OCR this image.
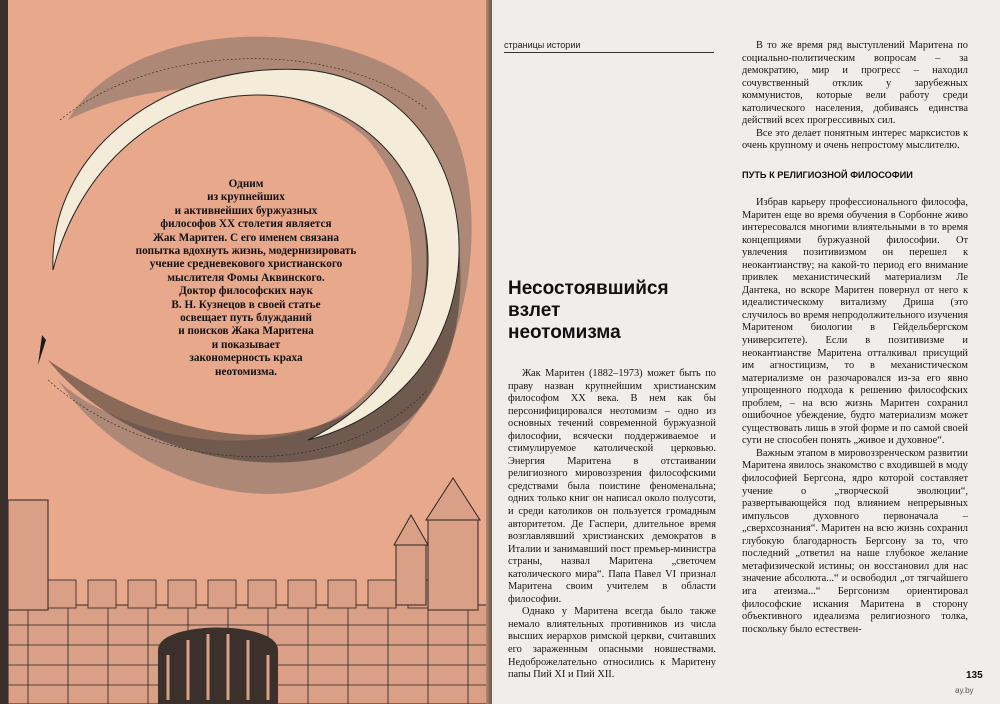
Одним
из крупнейших
и активнейших буржуазных
философов XX столетия является
Жак Маритен. С его именем связана
попытка вдохнуть жизнь, модернизировать
учение средневекового христианского
мыслителя Фомы Аквинского.
Доктор философских наук
В. Н. Кузнецов в своей статье
освещает путь блужданий
и поисков Жака Маритена
и показывает
закономерность краха
неотомизма.
страницы истории
Несостоявшийся
взлет
неотомизма

Жак Маритен (1882–1973) может быть по праву назван крупнейшим христианским философом XX века. В нем как бы персонифицировался неотомизм – одно из основных течений современной буржуазной философии, всячески поддерживаемое и стимулируемое католической церковью. Энергия Маритена в отстаивании религиозного мировоззрения философскими средствами была поистине феноменальна; одних только книг он написал около полусоти, и среди католиков он пользуется громадным авторитетом. Де Гаспери, длительное время возглавлявший христианских демократов в Италии и занимавший пост премьер-министра страны, назвал Маритена „светочем католического мира“. Папа Павел VI признал Маритена своим учителем в области философии.

Однако у Маритена всегда было также немало влиятельных противников из числа высших иерархов римской церкви, считавших его зараженным опасными новшествами. Недоброжелательно относились к Маритену папы Пий XI и Пий XII.

В то же время ряд выступлений Маритена по социально-политическим вопросам – за демократию, мир и прогресс – находил сочувственный отклик у зарубежных коммунистов, которые вели работу среди католического населения, добиваясь единства действий всех прогрессивных сил.

Все это делает понятным интерес марксистов к очень крупному и очень непростому мыслителю.

ПУТЬ К РЕЛИГИОЗНОЙ ФИЛОСОФИИ

Избрав карьеру профессионального философа, Маритен еще во время обучения в Сорбонне живо интересовался многими влиятельными в то время концепциями буржуазной философии. От увлечения позитивизмом он перешел к неокантианству; на какой-то период его внимание привлек механистический материализм Ле Дантека, но вскоре Маритен повернул от него к идеалистическому витализму Дриша (это случилось во время непродолжительного изучения Маритеном биологии в Гейдельбергском университете). Если в позитивизме и неокантианстве Маритена отталкивал присущий им агностицизм, то в механистическом материализме он разочаровался из-за его явно упрощенного подхода к решению философских проблем, – на всю жизнь Маритен сохранил ошибочное убеждение, будто материализм может существовать лишь в этой форме и по самой своей сути не способен понять „живое и духовное“.

Важным этапом в мировоззренческом развитии Маритена явилось знакомство с входившей в моду философией Бергсона, ядро которой составляет учение о „творческой эволюции“, развертывающейся под влиянием непрерывных импульсов духовного первоначала – „сверхсознания“. Маритен на всю жизнь сохранил глубокую благодарность Бергсону за то, что последний „ответил на наше глубокое желание метафизической истины; он восстановил для нас значение абсолюта...“ и освободил „от тягчайшего ига атеизма...“ Бергсонизм ориентировал философские искания Маритена в сторону объективного идеализма религиозного толка, поскольку было естествен-

135
ay.by
